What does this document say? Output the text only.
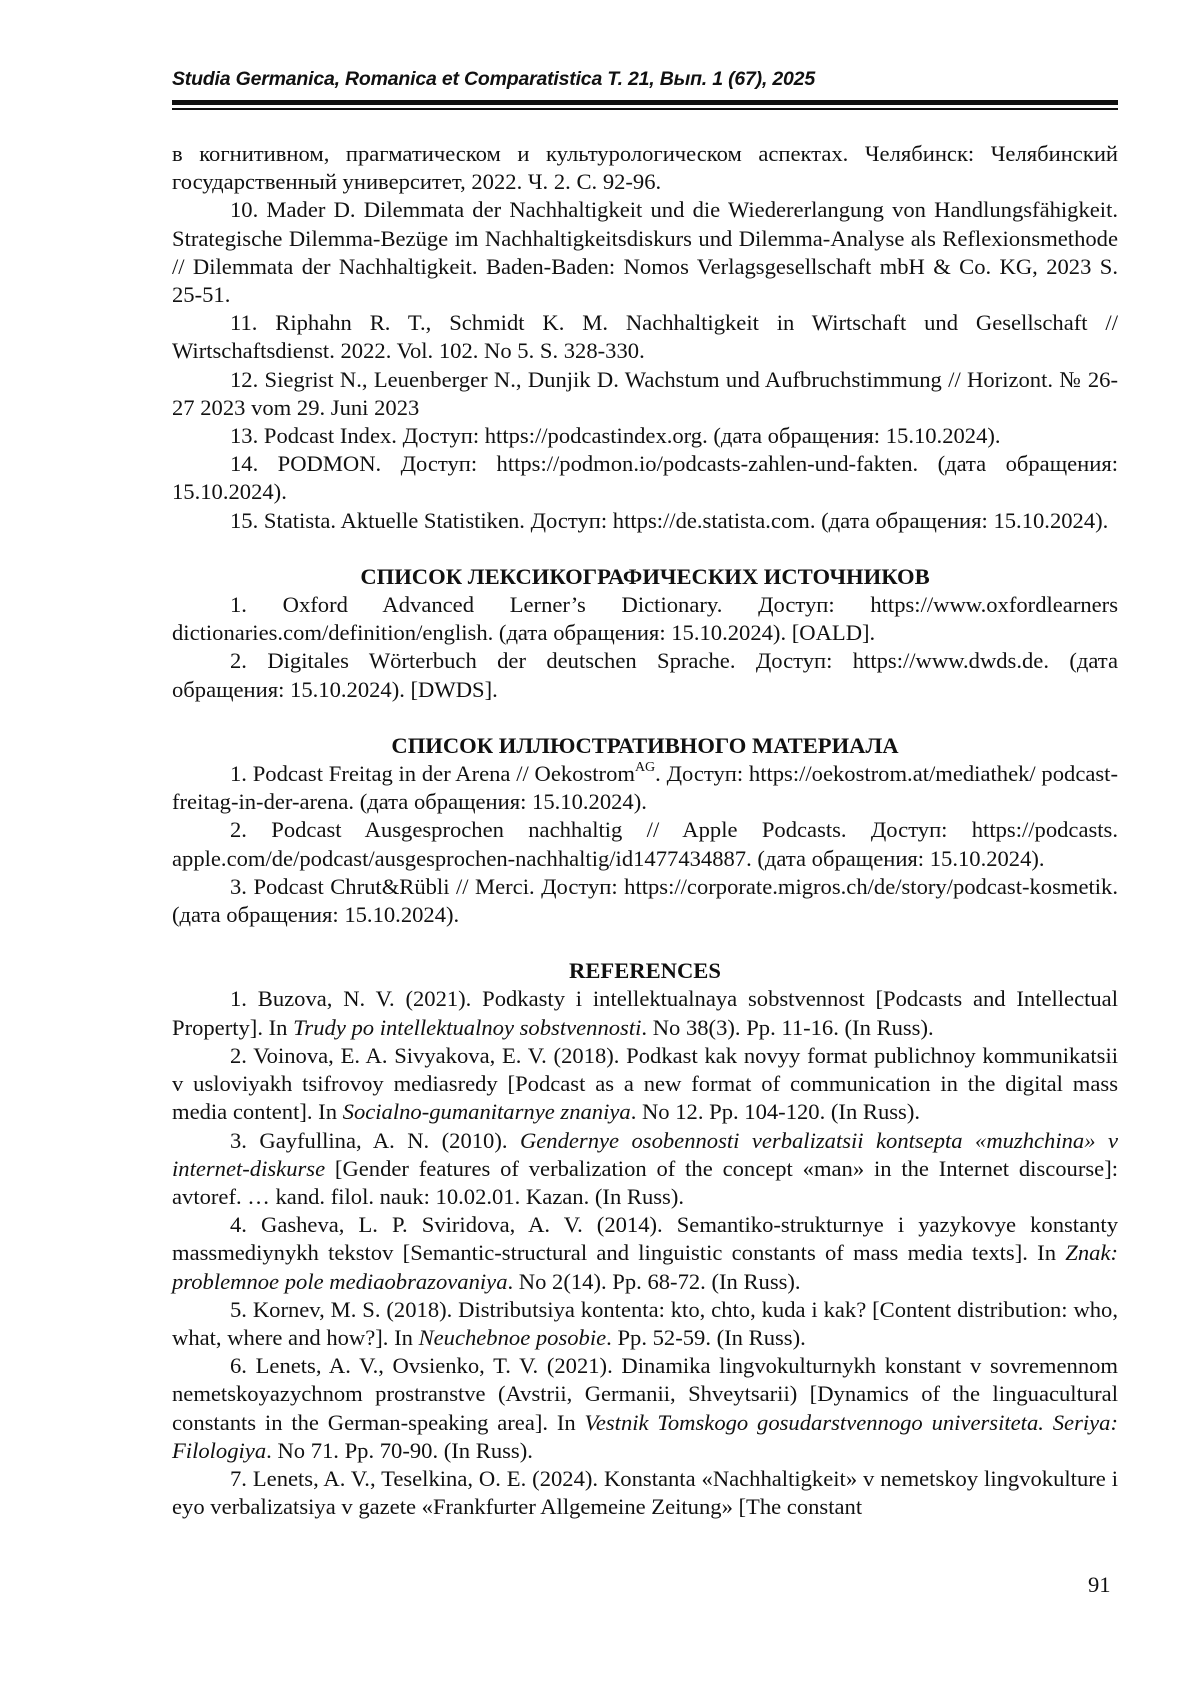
Studia Germanica, Romanica et Comparatistica T. 21, Вып. 1 (67), 2025

в когнитивном, прагматическом и культурологическом аспектах. Челябинск: Челябинский государственный университет, 2022. Ч. 2. С. 92-96.

10. Mader D. Dilemmata der Nachhaltigkeit und die Wiedererlangung von Handlungsfähigkeit. Strategische Dilemma-Bezüge im Nachhaltigkeitsdiskurs und Dilemma-Analyse als Reflexionsmethode // Dilemmata der Nachhaltigkeit. Baden-Baden: Nomos Verlagsgesellschaft mbH & Co. KG, 2023 S. 25-51.

11. Riphahn R. T., Schmidt K. M. Nachhaltigkeit in Wirtschaft und Gesellschaft // Wirtschaftsdienst. 2022. Vol. 102. No 5. S. 328-330.

12. Siegrist N., Leuenberger N., Dunjik D. Wachstum und Aufbruchstimmung // Horizont. № 26-27 2023 vom 29. Juni 2023

13. Podcast Index. Доступ: https://podcastindex.org. (дата обращения: 15.10.2024).

14. PODMON. Доступ: https://podmon.io/podcasts-zahlen-und-fakten. (дата обращения: 15.10.2024).

15. Statista. Aktuelle Statistiken. Доступ: https://de.statista.com. (дата обращения: 15.10.2024).

СПИСОК ЛЕКСИКОГРАФИЧЕСКИХ ИСТОЧНИКОВ

1. Oxford Advanced Lerner’s Dictionary. Доступ: https://www.oxfordlearners dictionaries.com/definition/english. (дата обращения: 15.10.2024). [OALD].

2. Digitales Wörterbuch der deutschen Sprache. Доступ: https://www.dwds.de. (дата обращения: 15.10.2024). [DWDS].

СПИСОК ИЛЛЮСТРАТИВНОГО МАТЕРИАЛА

1. Podcast Freitag in der Arena // Oekostrom$^{AG}$. Доступ: https://oekostrom.at/mediathek/ podcast-freitag-in-der-arena. (дата обращения: 15.10.2024).

2. Podcast Ausgesprochen nachhaltig // Apple Podcasts. Доступ: https://podcasts. apple.com/de/podcast/ausgesprochen-nachhaltig/id1477434887. (дата обращения: 15.10.2024).

3. Podcast Chrut&Rübli // Merci. Доступ: https://corporate.migros.ch/de/story/podcast-kosmetik. (дата обращения: 15.10.2024).

REFERENCES

1. Buzova, N. V. (2021). Podkasty i intellektualnaya sobstvennost [Podcasts and Intellectual Property]. In Trudy po intellektualnoy sobstvennosti. No 38(3). Pp. 11-16. (In Russ).

2. Voinova, E. A. Sivyakova, E. V. (2018). Podkast kak novyy format publichnoy kommunikatsii v usloviyakh tsifrovoy mediasredy [Podcast as a new format of communication in the digital mass media content]. In Socialno-gumanitarnye znaniya. No 12. Pp. 104-120. (In Russ).

3. Gayfullina, A. N. (2010). Gendernye osobennosti verbalizatsii kontsepta «muzhchina» v internet-diskurse [Gender features of verbalization of the concept «man» in the Internet discourse]: avtoref. … kand. filol. nauk: 10.02.01. Kazan. (In Russ).

4. Gasheva, L. P. Sviridova, A. V. (2014). Semantiko-strukturnye i yazykovye konstanty massmediynykh tekstov [Semantic-structural and linguistic constants of mass media texts]. In Znak: problemnoe pole mediaobrazovaniya. No 2(14). Pp. 68-72. (In Russ).

5. Kornev, M. S. (2018). Distributsiya kontenta: kto, chto, kuda i kak? [Content distribution: who, what, where and how?]. In Neuchebnoe posobie. Pp. 52-59. (In Russ).

6. Lenets, A. V., Ovsienko, T. V. (2021). Dinamika lingvokulturnykh konstant v sovremennom nemetskoyazychnom prostranstve (Avstrii, Germanii, Shveytsarii) [Dynamics of the linguacultural constants in the German-speaking area]. In Vestnik Tomskogo gosudarstvennogo universiteta. Seriya: Filologiya. No 71. Pp. 70-90. (In Russ).

7. Lenets, A. V., Teselkina, O. E. (2024). Konstanta «Nachhaltigkeit» v nemetskoy lingvokulture i eyo verbalizatsiya v gazete «Frankfurter Allgemeine Zeitung» [The constant

91
